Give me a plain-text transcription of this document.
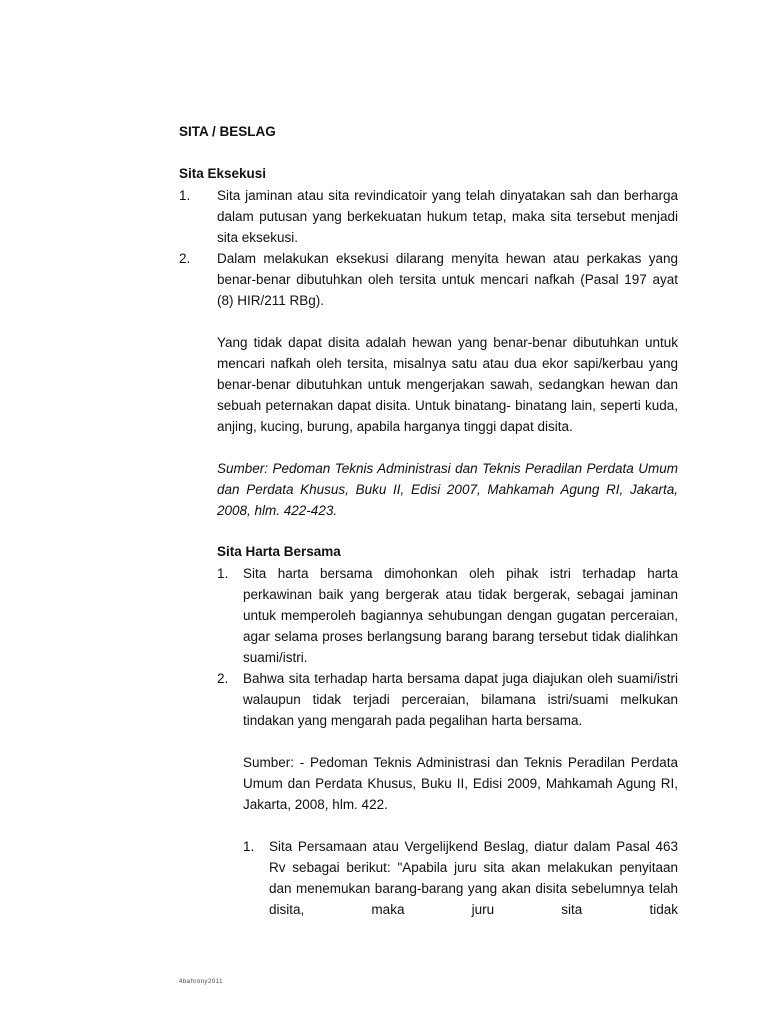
SITA / BESLAG
Sita Eksekusi
1. Sita jaminan atau sita revindicatoir yang telah dinyatakan sah dan berharga dalam putusan yang berkekuatan hukum tetap, maka sita tersebut menjadi sita eksekusi.

2. Dalam melakukan eksekusi dilarang menyita hewan atau perkakas yang benar-benar dibutuhkan oleh tersita untuk mencari nafkah (Pasal 197 ayat (8) HIR/211 RBg).

Yang tidak dapat disita adalah hewan yang benar-benar dibutuhkan untuk mencari nafkah oleh tersita, misalnya satu atau dua ekor sapi/kerbau yang benar-benar dibutuhkan untuk mengerjakan sawah, sedangkan hewan dan sebuah peternakan dapat disita. Untuk binatang- binatang lain, seperti kuda, anjing, kucing, burung, apabila harganya tinggi dapat disita.

Sumber: Pedoman Teknis Administrasi dan Teknis Peradilan Perdata Umum dan Perdata Khusus, Buku II, Edisi 2007, Mahkamah Agung RI, Jakarta, 2008, hlm. 422-423.

Sita Harta Bersama
1. Sita harta bersama dimohonkan oleh pihak istri terhadap harta perkawinan baik yang bergerak atau tidak bergerak, sebagai jaminan untuk memperoleh bagiannya sehubungan dengan gugatan perceraian, agar selama proses berlangsung barang barang tersebut tidak dialihkan suami/istri.

2. Bahwa sita terhadap harta bersama dapat juga diajukan oleh suami/istri walaupun tidak terjadi perceraian, bilamana istri/suami melkukan tindakan yang mengarah pada pegalihan harta bersama.

Sumber: - Pedoman Teknis Administrasi dan Teknis Peradilan Perdata Umum dan Perdata Khusus, Buku II, Edisi 2009, Mahkamah Agung RI, Jakarta, 2008, hlm. 422.

1. Sita Persamaan atau Vergelijkend Beslag, diatur dalam Pasal 463 Rv sebagai berikut: "Apabila juru sita akan melakukan penyitaan dan menemukan barang-barang yang akan disita sebelumnya telah disita, maka juru sita tidak

4bahrony2011
